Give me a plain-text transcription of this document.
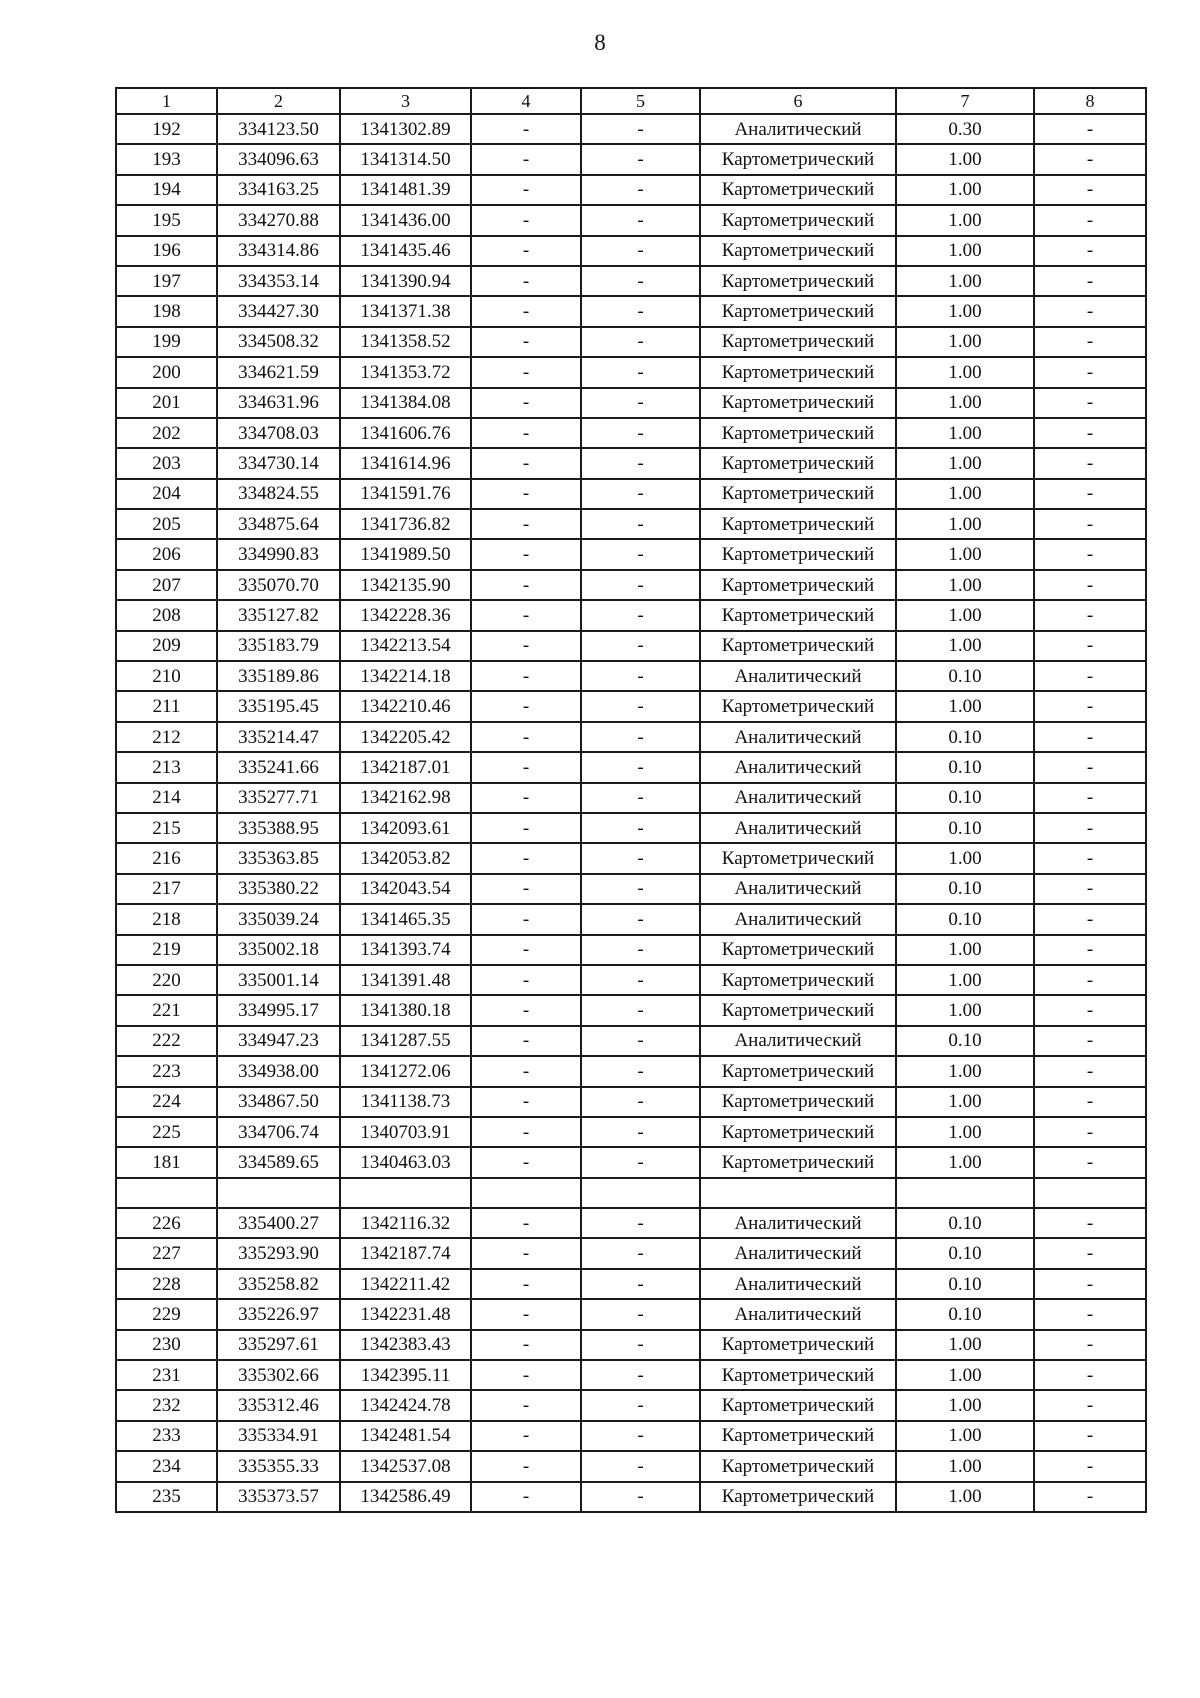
8
1	2	3	4	5	6	7	8
192	334123.50	1341302.89	-	-	Аналитический	0.30	-
193	334096.63	1341314.50	-	-	Картометрический	1.00	-
194	334163.25	1341481.39	-	-	Картометрический	1.00	-
195	334270.88	1341436.00	-	-	Картометрический	1.00	-
196	334314.86	1341435.46	-	-	Картометрический	1.00	-
197	334353.14	1341390.94	-	-	Картометрический	1.00	-
198	334427.30	1341371.38	-	-	Картометрический	1.00	-
199	334508.32	1341358.52	-	-	Картометрический	1.00	-
200	334621.59	1341353.72	-	-	Картометрический	1.00	-
201	334631.96	1341384.08	-	-	Картометрический	1.00	-
202	334708.03	1341606.76	-	-	Картометрический	1.00	-
203	334730.14	1341614.96	-	-	Картометрический	1.00	-
204	334824.55	1341591.76	-	-	Картометрический	1.00	-
205	334875.64	1341736.82	-	-	Картометрический	1.00	-
206	334990.83	1341989.50	-	-	Картометрический	1.00	-
207	335070.70	1342135.90	-	-	Картометрический	1.00	-
208	335127.82	1342228.36	-	-	Картометрический	1.00	-
209	335183.79	1342213.54	-	-	Картометрический	1.00	-
210	335189.86	1342214.18	-	-	Аналитический	0.10	-
211	335195.45	1342210.46	-	-	Картометрический	1.00	-
212	335214.47	1342205.42	-	-	Аналитический	0.10	-
213	335241.66	1342187.01	-	-	Аналитический	0.10	-
214	335277.71	1342162.98	-	-	Аналитический	0.10	-
215	335388.95	1342093.61	-	-	Аналитический	0.10	-
216	335363.85	1342053.82	-	-	Картометрический	1.00	-
217	335380.22	1342043.54	-	-	Аналитический	0.10	-
218	335039.24	1341465.35	-	-	Аналитический	0.10	-
219	335002.18	1341393.74	-	-	Картометрический	1.00	-
220	335001.14	1341391.48	-	-	Картометрический	1.00	-
221	334995.17	1341380.18	-	-	Картометрический	1.00	-
222	334947.23	1341287.55	-	-	Аналитический	0.10	-
223	334938.00	1341272.06	-	-	Картометрический	1.00	-
224	334867.50	1341138.73	-	-	Картометрический	1.00	-
225	334706.74	1340703.91	-	-	Картометрический	1.00	-
181	334589.65	1340463.03	-	-	Картометрический	1.00	-

226	335400.27	1342116.32	-	-	Аналитический	0.10	-
227	335293.90	1342187.74	-	-	Аналитический	0.10	-
228	335258.82	1342211.42	-	-	Аналитический	0.10	-
229	335226.97	1342231.48	-	-	Аналитический	0.10	-
230	335297.61	1342383.43	-	-	Картометрический	1.00	-
231	335302.66	1342395.11	-	-	Картометрический	1.00	-
232	335312.46	1342424.78	-	-	Картометрический	1.00	-
233	335334.91	1342481.54	-	-	Картометрический	1.00	-
234	335355.33	1342537.08	-	-	Картометрический	1.00	-
235	335373.57	1342586.49	-	-	Картометрический	1.00	-
